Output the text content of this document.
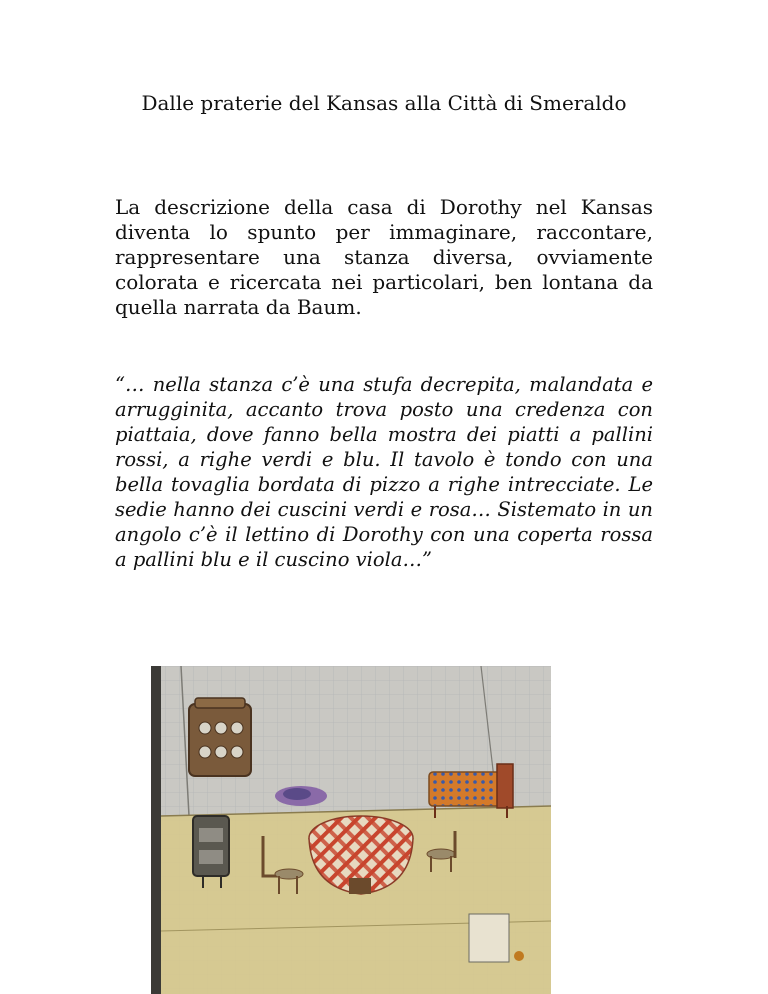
Dalle praterie del Kansas alla Città di Smeraldo

La descrizione della casa di Dorothy nel Kansas diventa lo spunto per immaginare, raccontare, rappresentare una stanza diversa, ovviamente colorata e ricercata nei particolari, ben lontana da quella narrata da Baum.

“… nella stanza c’è una stufa decrepita, malandata e arrugginita, accanto trova posto una credenza con piattaia, dove fanno bella mostra dei piatti a pallini rossi, a righe verdi e blu. Il tavolo è tondo con una bella tovaglia bordata di pizzo a righe intrecciate. Le sedie hanno dei cuscini verdi e rosa… Sistemato in un angolo c’è il lettino di Dorothy con una coperta rossa a pallini blu e il cuscino viola…”
